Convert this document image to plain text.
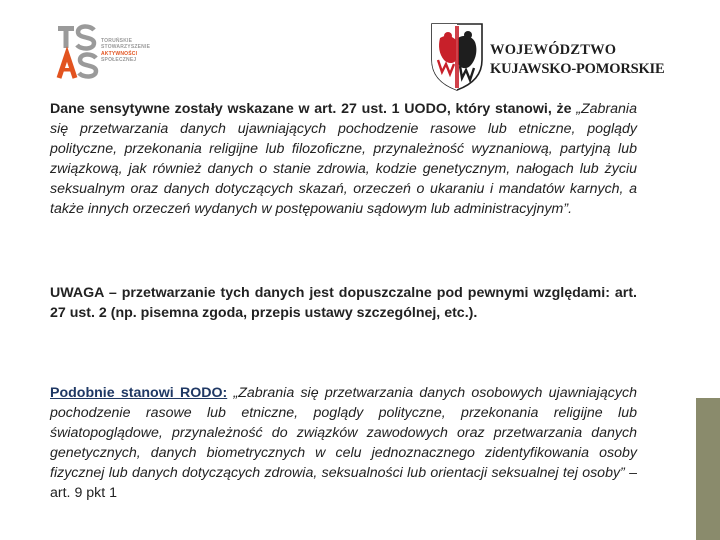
TORUŃSKIE
STOWARZYSZENIE
AKTYWNOŚCI
SPOŁECZNEJ
WOJEWÓDZTWO
KUJAWSKO-POMORSKIE
Dane sensytywne zostały wskazane w art. 27 ust. 1 UODO, który stanowi, że „Zabrania się przetwarzania danych ujawniających pochodzenie rasowe lub etniczne, poglądy polityczne, przekonania religijne lub filozoficzne, przynależność wyznaniową, partyjną lub związkową, jak również danych o stanie zdrowia, kodzie genetycznym, nałogach lub życiu seksualnym oraz danych dotyczących skazań, orzeczeń o ukaraniu i mandatów karnych, a także innych orzeczeń wydanych w postępowaniu sądowym lub administracyjnym”.
UWAGA – przetwarzanie tych danych jest dopuszczalne pod pewnymi względami: art. 27 ust. 2 (np. pisemna zgoda, przepis ustawy szczególnej, etc.).
Podobnie stanowi RODO: „Zabrania się przetwarzania danych osobowych ujawniających pochodzenie rasowe lub etniczne, poglądy polityczne, przekonania religijne lub światopoglądowe, przynależność do związków zawodowych oraz przetwarzania danych genetycznych, danych biometrycznych w celu jednoznacznego zidentyfikowania osoby fizycznej lub danych dotyczących zdrowia, seksualności lub orientacji seksualnej tej osoby” – art. 9 pkt 1
